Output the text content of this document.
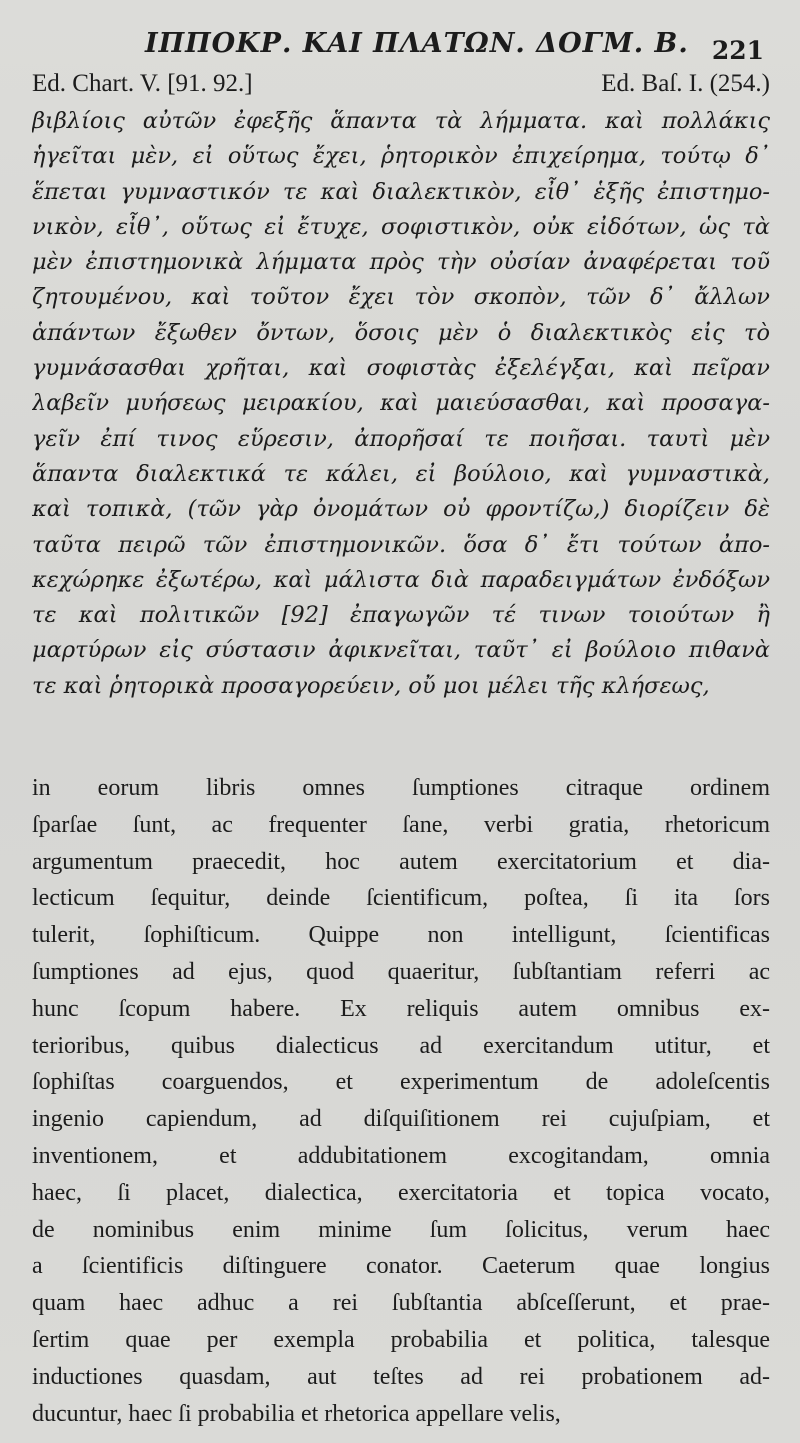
ΙΠΠΟΚΡ. ΚΑΙ ΠΛΑΤΩΝ. ΔΟΓΜ. Β. 221
Ed. Chart. V. [91. 92.]	Ed. Baſ. I. (254.)
βιβλίοις αὐτῶν ἐφεξῆς ἅπαντα τὰ λήμματα. καὶ πολλάκις
ἡγεῖται μὲν, εἰ οὕτως ἔχει, ῥητορικὸν ἐπιχείρημα, τούτῳ δ᾽
ἕπεται γυμναστικόν τε καὶ διαλεκτικὸν, εἶθ᾽ ἑξῆς ἐπιστημο-
νικὸν, εἶθ᾽, οὕτως εἰ ἔτυχε, σοφιστικὸν, οὐκ εἰδότων, ὡς τὰ
μὲν ἐπιστημονικὰ λήμματα πρὸς τὴν οὐσίαν ἀναφέρεται τοῦ
ζητουμένου, καὶ τοῦτον ἔχει τὸν σκοπὸν, τῶν δ᾽ ἄλλων
ἁπάντων ἔξωθεν ὄντων, ὅσοις μὲν ὁ διαλεκτικὸς εἰς τὸ
γυμνάσασθαι χρῆται, καὶ σοφιστὰς ἐξελέγξαι, καὶ πεῖραν
λαβεῖν μυήσεως μειρακίου, καὶ μαιεύσασθαι, καὶ προσαγα-
γεῖν ἐπί τινος εὕρεσιν, ἀπορῆσαί τε ποιῆσαι. ταυτὶ μὲν
ἅπαντα διαλεκτικά τε κάλει, εἰ βούλοιο, καὶ γυμναστικὰ,
καὶ τοπικὰ, (τῶν γὰρ ὀνομάτων οὐ φροντίζω,) διορίζειν δὲ
ταῦτα πειρῶ τῶν ἐπιστημονικῶν. ὅσα δ᾽ ἔτι τούτων ἀπο-
κεχώρηκε ἐξωτέρω, καὶ μάλιστα διὰ παραδειγμάτων ἐνδόξων
τε καὶ πολιτικῶν [92] ἐπαγωγῶν τέ τινων τοιούτων ἢ
μαρτύρων εἰς σύστασιν ἀφικνεῖται, ταῦτ᾽ εἰ βούλοιο πιθανὰ
τε καὶ ῥητορικὰ προσαγορεύειν, οὔ μοι μέλει τῆς κλήσεως,
in eorum libris omnes ſumptiones citraque ordinem
ſparſae ſunt, ac frequenter ſane, verbi gratia, rhetoricum
argumentum praecedit, hoc autem exercitatorium et dia-
lecticum ſequitur, deinde ſcientificum, poſtea, ſi ita ſors
tulerit, ſophiſticum. Quippe non intelligunt, ſcientificas
ſumptiones ad ejus, quod quaeritur, ſubſtantiam referri ac
hunc ſcopum habere. Ex reliquis autem omnibus ex-
terioribus, quibus dialecticus ad exercitandum utitur, et
ſophiſtas coarguendos, et experimentum de adoleſcentis
ingenio capiendum, ad diſquiſitionem rei cujuſpiam, et
inventionem, et addubitationem excogitandam, omnia
haec, ſi placet, dialectica, exercitatoria et topica vocato,
de nominibus enim minime ſum ſolicitus, verum haec
a ſcientificis diſtinguere conator. Caeterum quae longius
quam haec adhuc a rei ſubſtantia abſceſſerunt, et prae-
ſertim quae per exempla probabilia et politica, talesque
inductiones quasdam, aut teſtes ad rei probationem ad-
ducuntur, haec ſi probabilia et rhetorica appellare velis,
